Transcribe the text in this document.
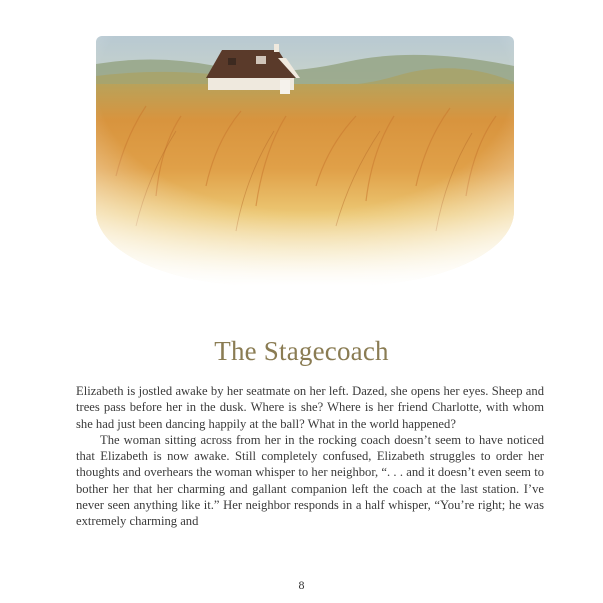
The Stagecoach

Elizabeth is jostled awake by her seatmate on her left. Dazed, she opens her eyes. Sheep and trees pass before her in the dusk. Where is she? Where is her friend Charlotte, with whom she had just been dancing happily at the ball? What in the world happened?

The woman sitting across from her in the rocking coach doesn’t seem to have noticed that Elizabeth is now awake. Still completely confused, Elizabeth struggles to order her thoughts and overhears the woman whisper to her neighbor, “. . . and it doesn’t even seem to bother her that her charming and gallant companion left the coach at the last station. I’ve never seen anything like it.” Her neighbor responds in a half whisper, “You’re right; he was extremely charming and

8
